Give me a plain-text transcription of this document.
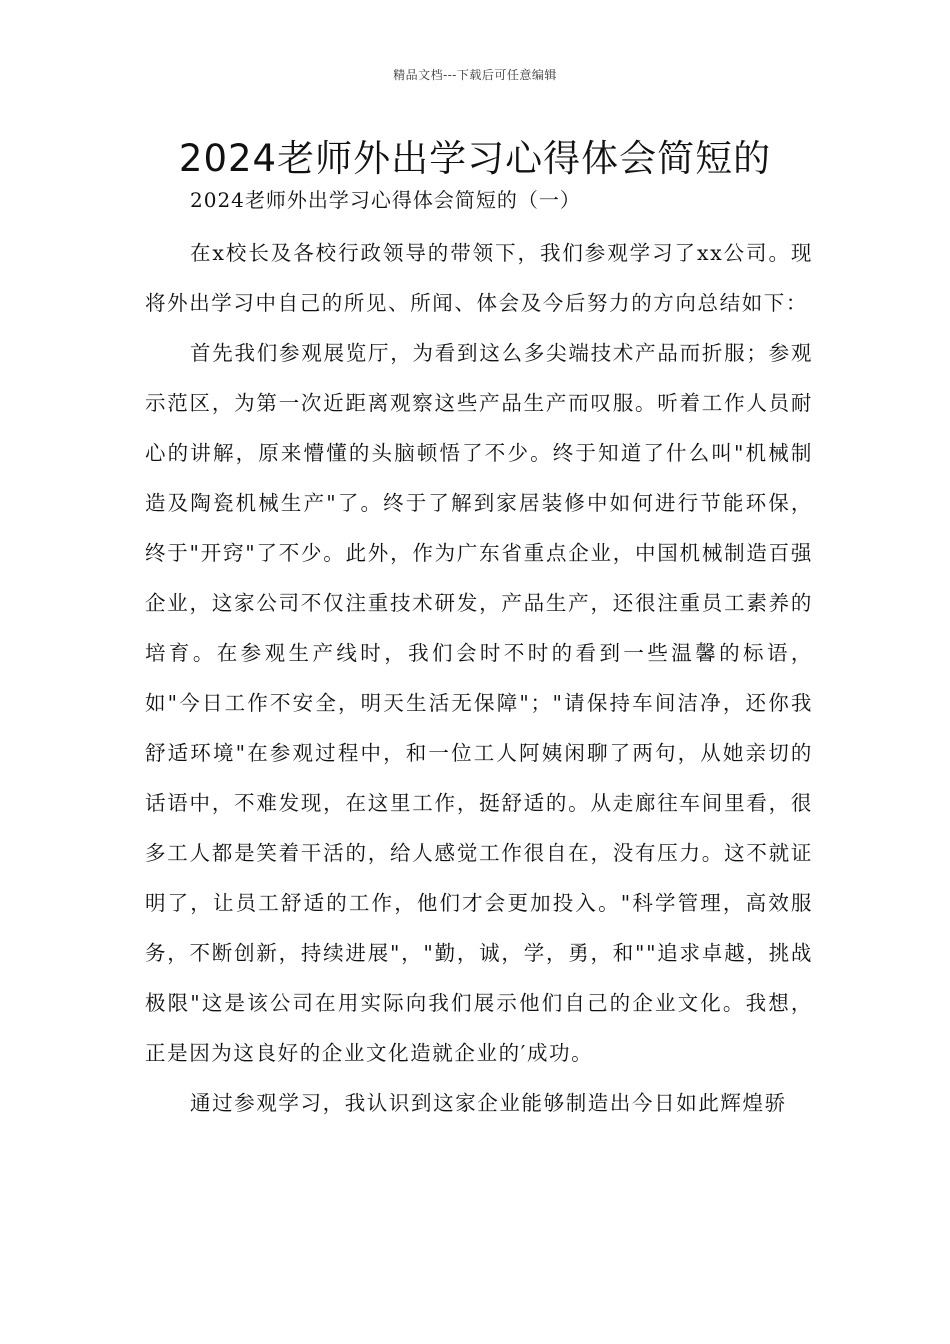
精品文档---下载后可任意编辑
2024老师外出学习心得体会简短的
2024老师外出学习心得体会简短的（一）

在x校长及各校行政领导的带领下，我们参观学习了xx公司。现将外出学习中自己的所见、所闻、体会及今后努力的方向总结如下：

首先我们参观展览厅，为看到这么多尖端技术产品而折服；参观示范区，为第一次近距离观察这些产品生产而叹服。听着工作人员耐心的讲解，原来懵懂的头脑顿悟了不少。终于知道了什么叫"机械制造及陶瓷机械生产"了。终于了解到家居装修中如何进行节能环保，终于"开窍"了不少。此外，作为广东省重点企业，中国机械制造百强企业，这家公司不仅注重技术研发，产品生产，还很注重员工素养的培育。在参观生产线时，我们会时不时的看到一些温馨的标语，如"今日工作不安全，明天生活无保障"；"请保持车间洁净，还你我舒适环境"在参观过程中，和一位工人阿姨闲聊了两句，从她亲切的话语中，不难发现，在这里工作，挺舒适的。从走廊往车间里看，很多工人都是笑着干活的，给人感觉工作很自在，没有压力。这不就证明了，让员工舒适的工作，他们才会更加投入。"科学管理，高效服务，不断创新，持续进展"，"勤，诚，学，勇，和""追求卓越，挑战极限"这是该公司在用实际向我们展示他们自己的企业文化。我想，正是因为这良好的企业文化造就企业的′成功。

通过参观学习，我认识到这家企业能够制造出今日如此辉煌骄
